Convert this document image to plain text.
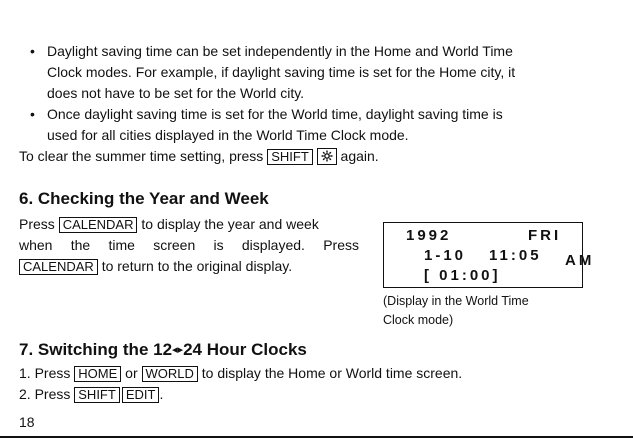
• Daylight saving time can be set independently in the Home and World Time
Clock modes. For example, if daylight saving time is set for the Home city, it
does not have to be set for the World city.
• Once daylight saving time is set for the World time, daylight saving time is
used for all cities displayed in the World Time Clock mode.
To clear the summer time setting, press SHIFT again.
6. Checking the Year and Week
Press CALENDAR to display the year and week
when the time screen is displayed. Press
CALENDAR to return to the original display.
1992	FRI
1-10 11:05 AM
[ 01:00]
(Display in the World Time
Clock mode)
7. Switching the 12◂▸24 Hour Clocks
1. Press HOME or WORLD to display the Home or World time screen.
2. Press SHIFT EDIT .
18
